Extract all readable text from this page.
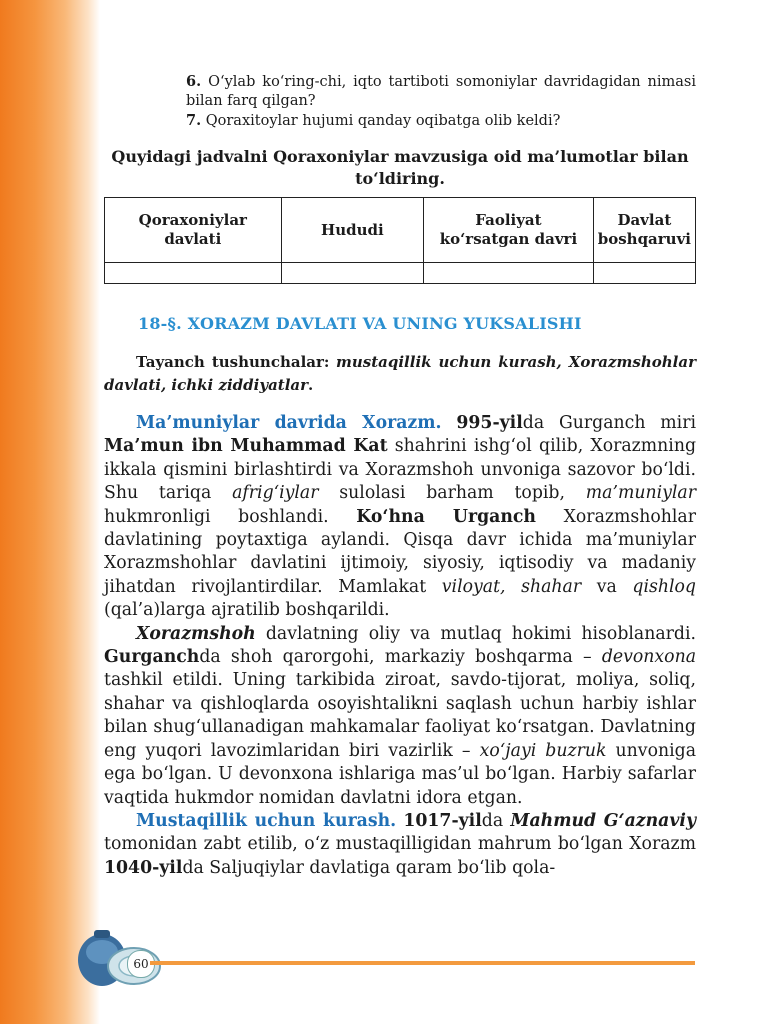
6. O‘ylab ko‘ring-chi, iqto tartiboti somoniylar davridagidan nimasi bilan farq qilgan?
7. Qoraxitoylar hujumi qanday oqibatga olib keldi?
Quyidagi jadvalni Qoraxoniylar mavzusiga oid ma’lumotlar bilan to‘ldiring.
Qoraxoniylar davlati	Hududi	Faoliyat ko‘rsatgan davri	Davlat boshqaruvi

18-§. XORAZM DAVLATI VA UNING YUKSALISHI
Tayanch tushunchalar: mustaqillik uchun kurash, Xorazmshohlar davlati, ichki ziddiyatlar.

Ma’muniylar davrida Xorazm. 995-yilda Gurganch miri Ma’mun ibn Muhammad Kat shahrini ishg‘ol qilib, Xorazmning ikkala qismini birlashtirdi va Xorazmshoh unvoniga sazovor bo‘ldi. Shu tariqa afrig‘iylar sulolasi barham topib, ma’muniylar hukmronligi boshlandi. Ko‘hna Urganch Xorazmshohlar davlatining poytaxtiga aylandi. Qisqa davr ichida ma’muniylar Xorazmshohlar davlatini ijtimoiy, siyosiy, iqtisodiy va madaniy jihatdan rivojlantirdilar. Mamlakat viloyat, shahar va qishloq (qal’a)larga ajratilib boshqarildi.

Xorazmshoh davlatning oliy va mutlaq hokimi hisoblanardi. Gurganchda shoh qarorgohi, markaziy boshqarma – devonxona tashkil etildi. Uning tarkibida ziroat, savdo-tijorat, moliya, soliq, shahar va qishloqlarda osoyishtalikni saqlash uchun harbiy ishlar bilan shug‘ullanadigan mahkamalar faoliyat ko‘rsatgan. Davlatning eng yuqori lavozimlaridan biri vazirlik – xo‘jayi buzruk unvoniga ega bo‘lgan. U devonxona ishlariga mas’ul bo‘lgan. Harbiy safarlar vaqtida hukmdor nomidan davlatni idora etgan.

Mustaqillik uchun kurash. 1017-yilda Mahmud G‘aznaviy tomonidan zabt etilib, o‘z mustaqilligidan mahrum bo‘lgan Xorazm 1040-yilda Saljuqiylar davlatiga qaram bo‘lib qola-

60
